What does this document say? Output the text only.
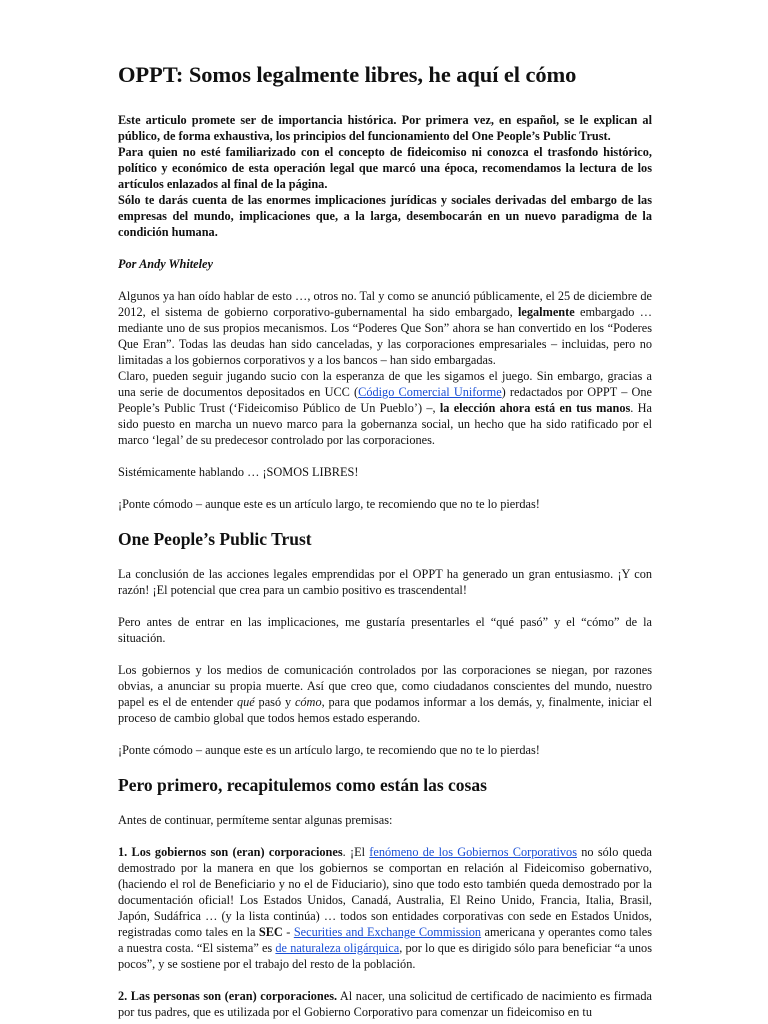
OPPT: Somos legalmente libres, he aquí el cómo

Este articulo promete ser de importancia histórica. Por primera vez, en español, se le explican al público, de forma exhaustiva, los principios del funcionamiento del One People’s Public Trust.

Para quien no esté familiarizado con el concepto de fideicomiso ni conozca el trasfondo histórico, político y económico de esta operación legal que marcó una época, recomendamos la lectura de los artículos enlazados al final de la página.

Sólo te darás cuenta de las enormes implicaciones jurídicas y sociales derivadas del embargo de las empresas del mundo, implicaciones que, a la larga, desembocarán en un nuevo paradigma de la condición humana.

Por Andy Whiteley

Algunos ya han oído hablar de esto …, otros no. Tal y como se anunció públicamente, el 25 de diciembre de 2012, el sistema de gobierno corporativo-gubernamental ha sido embargado, legalmente embargado … mediante uno de sus propios mecanismos. Los “Poderes Que Son” ahora se han convertido en los “Poderes Que Eran”. Todas las deudas han sido canceladas, y las corporaciones empresariales – incluidas, pero no limitadas a los gobiernos corporativos y a los bancos – han sido embargadas.

Claro, pueden seguir jugando sucio con la esperanza de que les sigamos el juego. Sin embargo, gracias a una serie de documentos depositados en UCC (Código Comercial Uniforme) redactados por OPPT – One People’s Public Trust (‘Fideicomiso Público de Un Pueblo’) –, la elección ahora está en tus manos. Ha sido puesto en marcha un nuevo marco para la gobernanza social, un hecho que ha sido ratificado por el marco ‘legal’ de su predecesor controlado por las corporaciones.

Sistémicamente hablando … ¡SOMOS LIBRES!

¡Ponte cómodo – aunque este es un artículo largo, te recomiendo que no te lo pierdas!

One People’s Public Trust

La conclusión de las acciones legales emprendidas por el OPPT ha generado un gran entusiasmo. ¡Y con razón! ¡El potencial que crea para un cambio positivo es trascendental!

Pero antes de entrar en las implicaciones, me gustaría presentarles el “qué pasó” y el “cómo” de la situación.

Los gobiernos y los medios de comunicación controlados por las corporaciones se niegan, por razones obvias, a anunciar su propia muerte. Así que creo que, como ciudadanos conscientes del mundo, nuestro papel es el de entender qué pasó y cómo, para que podamos informar a los demás, y, finalmente, iniciar el proceso de cambio global que todos hemos estado esperando.

¡Ponte cómodo – aunque este es un artículo largo, te recomiendo que no te lo pierdas!

Pero primero, recapitulemos como están las cosas

Antes de continuar, permíteme sentar algunas premisas:

1. Los gobiernos son (eran) corporaciones. ¡El fenómeno de los Gobiernos Corporativos no sólo queda demostrado por la manera en que los gobiernos se comportan en relación al Fideicomiso gobernativo, (haciendo el rol de Beneficiario y no el de Fiduciario), sino que todo esto también queda demostrado por la documentación oficial! Los Estados Unidos, Canadá, Australia, El Reino Unido, Francia, Italia, Brasil, Japón, Sudáfrica … (y la lista continúa) … todos son entidades corporativas con sede en Estados Unidos, registradas como tales en la SEC - Securities and Exchange Commission americana y operantes como tales a nuestra costa. “El sistema” es de naturaleza oligárquica, por lo que es dirigido sólo para beneficiar “a unos pocos”, y se sostiene por el trabajo del resto de la población.

2. Las personas son (eran) corporaciones. Al nacer, una solicitud de certificado de nacimiento es firmada por tus padres, que es utilizada por el Gobierno Corporativo para comenzar un fideicomiso en tu
